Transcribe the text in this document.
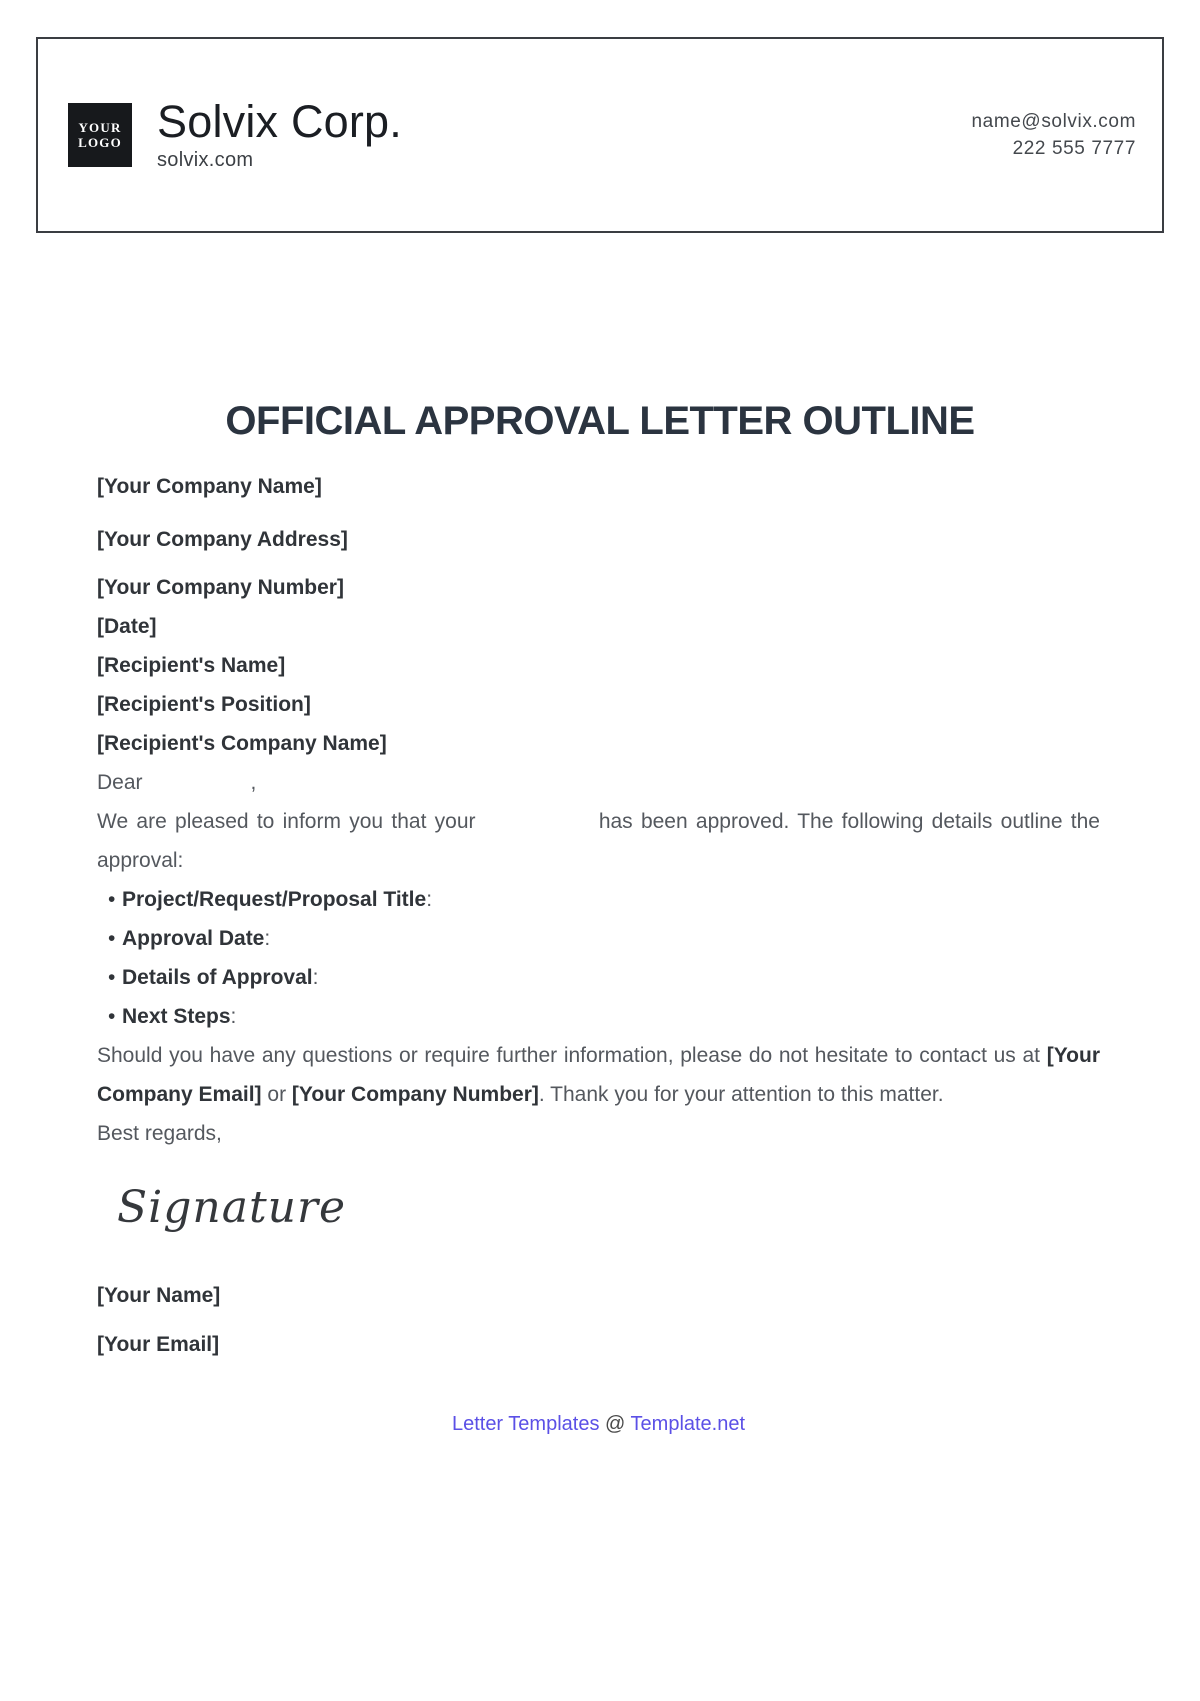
YOUR
LOGO Solvix Corp.
solvix.com
name@solvix.com
222 555 7777
OFFICIAL APPROVAL LETTER OUTLINE

[Your Company Name]

[Your Company Address]

[Your Company Number]

[Date]

[Recipient's Name]

[Recipient's Position]

[Recipient's Company Name]

Dear	,

We are pleased to inform you that your	has been approved. The following details outline the approval:

• Project/Request/Proposal Title:
• Approval Date:
• Details of Approval:
• Next Steps:

Should you have any questions or require further information, please do not hesitate to contact us at [Your Company Email] or [Your Company Number]. Thank you for your attention to this matter.

Best regards,

Signature

[Your Name]

[Your Email]

Letter Templates @ Template.net
